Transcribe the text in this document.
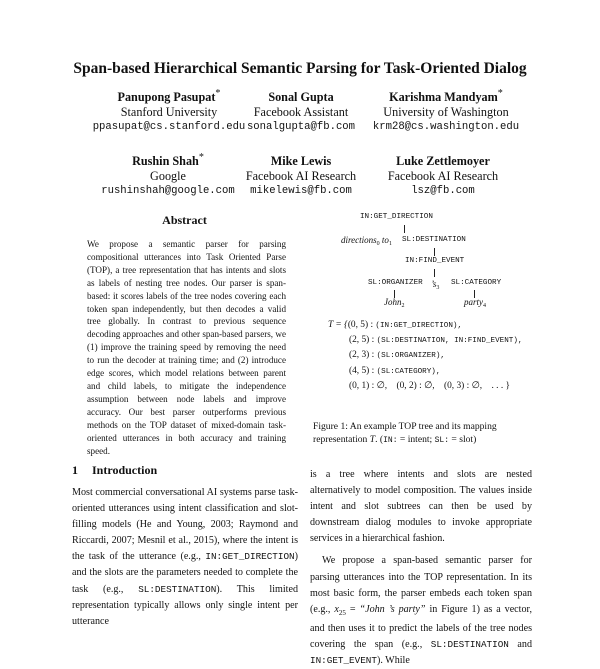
Span-based Hierarchical Semantic Parsing for Task-Oriented Dialog
Panupong Pasupat*
Stanford University
ppasupat@cs.stanford.edu
Sonal Gupta
Facebook Assistant
sonalgupta@fb.com
Karishma Mandyam*
University of Washington
krm28@cs.washington.edu
Rushin Shah*
Google
rushinshah@google.com
Mike Lewis
Facebook AI Research
mikelewis@fb.com
Luke Zettlemoyer
Facebook AI Research
lsz@fb.com
Abstract

We propose a semantic parser for parsing compositional utterances into Task Oriented Parse (TOP), a tree representation that has intents and slots as labels of nesting tree nodes. Our parser is span-based: it scores labels of the tree nodes covering each token span independently, but then decodes a valid tree globally. In contrast to previous sequence decoding approaches and other span-based parsers, we (1) improve the training speed by removing the need to run the decoder at training time; and (2) introduce edge scores, which model relations between parent and child labels, to mitigate the independence assumption between node labels and improve accuracy. Our best parser outperforms previous methods on the TOP dataset of mixed-domain task-oriented utterances in both accuracy and training speed.

1 Introduction

Most commercial conversational AI systems parse task-oriented utterances using intent classification and slot-filling models (He and Young, 2003; Raymond and Riccardi, 2007; Mesnil et al., 2015), where the intent is the task of the utterance (e.g., IN:GET_DIRECTION) and the slots are the parameters needed to complete the task (e.g., SL:DESTINATION). This limited representation typically allows only single intent per utterance

IN:GET_DIRECTION
directions$_0$ $to_1$ SL:DESTINATION
IN:FIND_EVENT
SL:ORGANIZER $’s_3$
SL:CATEGORY
John$_2$	party$_4$
T = {(0, 5) : (IN:GET_DIRECTION),
(2, 5) : (SL:DESTINATION, IN:FIND_EVENT),
(2, 3) : (SL:ORGANIZER),
(4, 5) : (SL:CATEGORY),
(0, 1) : ∅,    (0, 2) : ∅,    (0, 3) : ∅,    . . . }
Figure 1: An example TOP tree and its mapping representation T. (IN: = intent; SL: = slot)

is a tree where intents and slots are nested alternatively to model composition. The values inside intent and slot subtrees can then be used by downstream dialog modules to invoke appropriate services in a hierarchical fashion.

We propose a span-based semantic parser for parsing utterances into the TOP representation. In its most basic form, the parser embeds each token span (e.g., $x_{25}$ = “John ’s party” in Figure 1) as a vector, and then uses it to predict the labels of the tree nodes covering the span (e.g., SL:DESTINATION and IN:GET_EVENT). While
